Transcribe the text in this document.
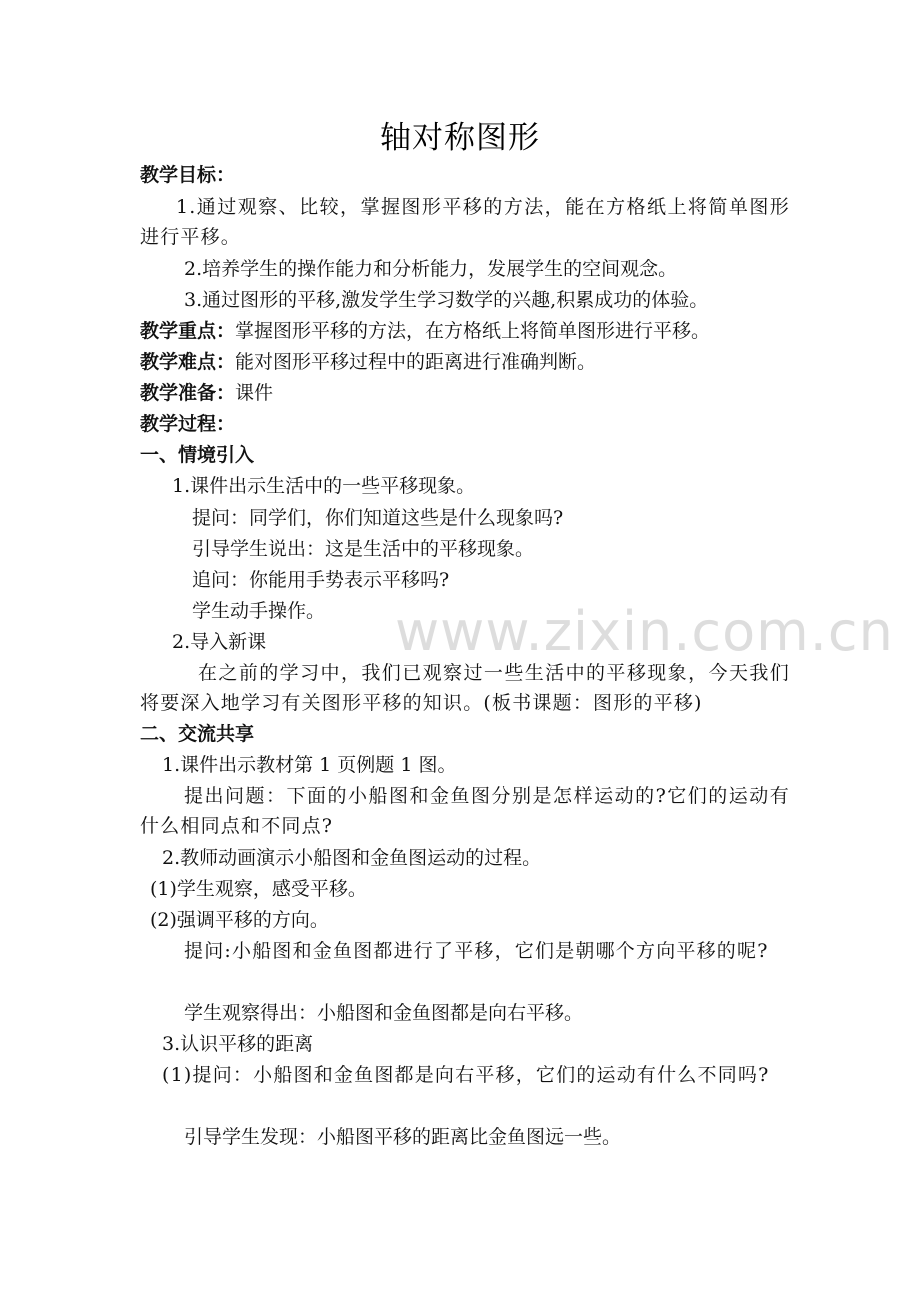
轴对称图形
教学目标：
1.通过观察、比较，掌握图形平移的方法，能在方格纸上将简单图形进行平移。
2.培养学生的操作能力和分析能力，发展学生的空间观念。
3.通过图形的平移,激发学生学习数学的兴趣,积累成功的体验。
教学重点：掌握图形平移的方法，在方格纸上将简单图形进行平移。
教学难点：能对图形平移过程中的距离进行准确判断。
教学准备：课件
教学过程：
一、情境引入
1.课件出示生活中的一些平移现象。
提问：同学们，你们知道这些是什么现象吗?
引导学生说出：这是生活中的平移现象。
追问：你能用手势表示平移吗?
学生动手操作。
2.导入新课
在之前的学习中，我们已观察过一些生活中的平移现象，今天我们将要深入地学习有关图形平移的知识。(板书课题：图形的平移)
二、交流共享
1.课件出示教材第 1 页例题 1 图。
提出问题：下面的小船图和金鱼图分别是怎样运动的?它们的运动有什么相同点和不同点?
2.教师动画演示小船图和金鱼图运动的过程。
(1)学生观察，感受平移。
(2)强调平移的方向。
提问:小船图和金鱼图都进行了平移，它们是朝哪个方向平移的呢?
学生观察得出：小船图和金鱼图都是向右平移。
3.认识平移的距离
(1)提问：小船图和金鱼图都是向右平移，它们的运动有什么不同吗?
引导学生发现：小船图平移的距离比金鱼图远一些。
www.zixin.com.cn
